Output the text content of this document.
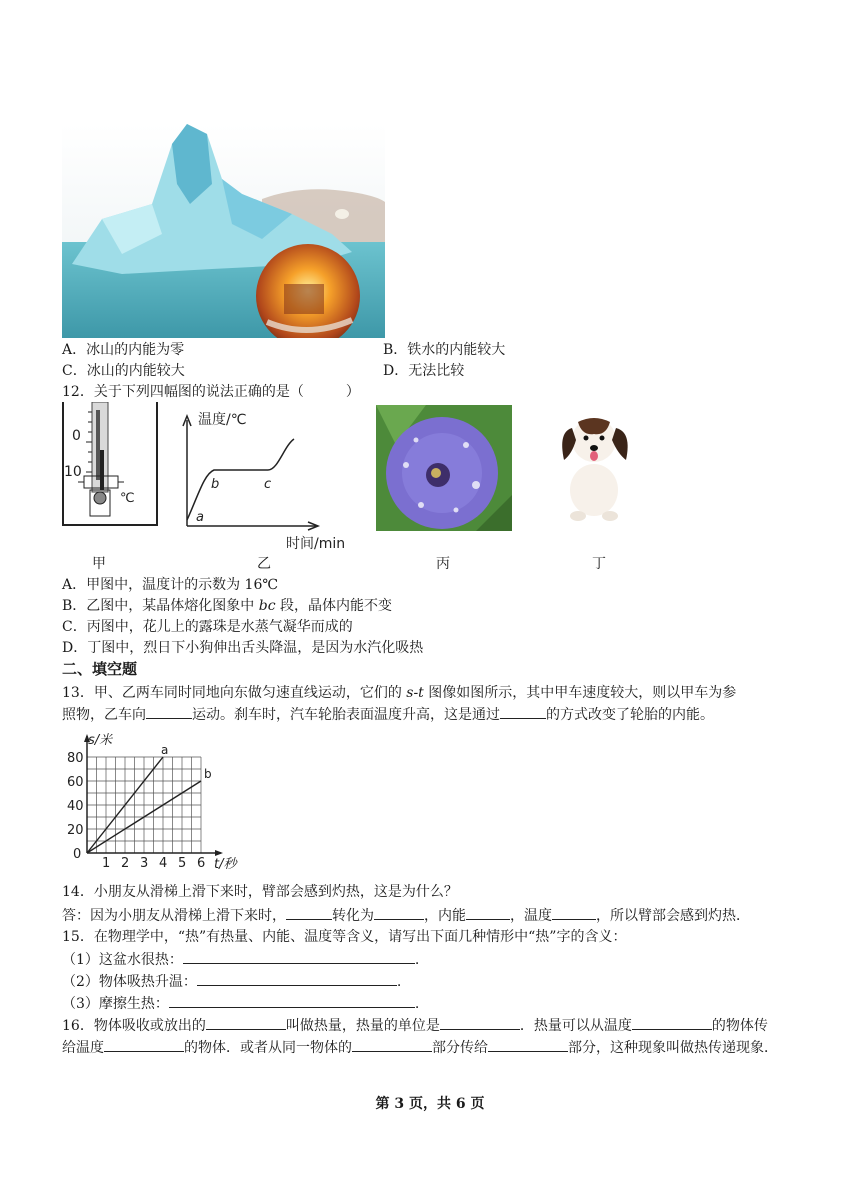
A．冰山的内能为零	B．铁水的内能较大
C．冰山的内能较大	D．无法比较
12．关于下列四幅图的说法正确的是（　　　）
0
10
℃
温度/℃
a
b	c
时间/min
甲	乙	丙	丁
A．甲图中，温度计的示数为 16℃
B．乙图中，某晶体熔化图象中 bc 段，晶体内能不变
C．丙图中，花儿上的露珠是水蒸气凝华而成的
D．丁图中，烈日下小狗伸出舌头降温，是因为水汽化吸热
二、填空题
13．甲、乙两车同时同地向东做匀速直线运动，它们的 s-t 图像如图所示，其中甲车速度较大，则以甲车为参
照物，乙车向	运动。刹车时，汽车轮胎表面温度升高，这是通过	的方式改变了轮胎的内能。
1 2 3 4 5 6
0
20
40
60
80
a
b
s/米
t/秒
14．小朋友从滑梯上滑下来时，臂部会感到灼热，这是为什么？
答：因为小朋友从滑梯上滑下来时，	转化为	，内能	，温度	，所以臂部会感到灼热．
15．在物理学中，“热”有热量、内能、温度等含义，请写出下面几种情形中“热”字的含义：
（1）这盆水很热：	.
（2）物体吸热升温：	.
（3）摩擦生热：	.
16．物体吸收或放出的	叫做热量，热量的单位是	．热量可以从温度	的物体传
给温度	的物体．或者从同一物体的	部分传给	部分，这种现象叫做热传递现象．
第 3 页，共 6 页
